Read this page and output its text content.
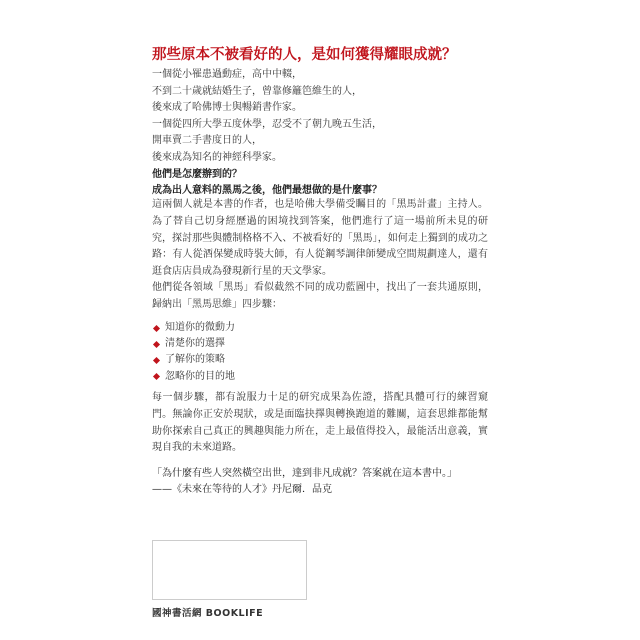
那些原本不被看好的人，是如何獲得耀眼成就？
一個從小罹患過動症，高中中輟，
不到二十歲就結婚生子，曾靠修籬笆維生的人，
後來成了哈佛博士與暢銷書作家。
一個從四所大學五度休學，忍受不了朝九晚五生活，
開車賣二手書度日的人，
後來成為知名的神經科學家。
他們是怎麼辦到的？
成為出人意料的黑馬之後，他們最想做的是什麼事？
這兩個人就是本書的作者，也是哈佛大學備受矚目的「黑馬計畫」主持人。為了替自己切身經歷過的困境找到答案，他們進行了這一場前所未見的研究，探討那些與體制格格不入、不被看好的「黑馬」，如何走上獨到的成功之路：有人從酒保變成時裝大師，有人從鋼琴調律師變成空間規劃達人，還有逛食店店員成為發現新行星的天文學家。
他們從各領域「黑馬」看似截然不同的成功藍圖中，找出了一套共通原則，歸納出「黑馬思維」四步驟：
知道你的微動力
清楚你的選擇
了解你的策略
忽略你的目的地
每一個步驟，都有說服力十足的研究成果為佐證，搭配具體可行的練習窺門。無論你正安於現狀，或是面臨抉擇與轉換跑道的難關，這套思維都能幫助你探索自己真正的興趣與能力所在，走上最值得投入，最能活出意義，實現自我的未來道路。
「為什麼有些人突然橫空出世，達到非凡成就？答案就在這本書中。」
——《未來在等待的人才》丹尼爾．品克
國神書活網 BOOKLIFE
